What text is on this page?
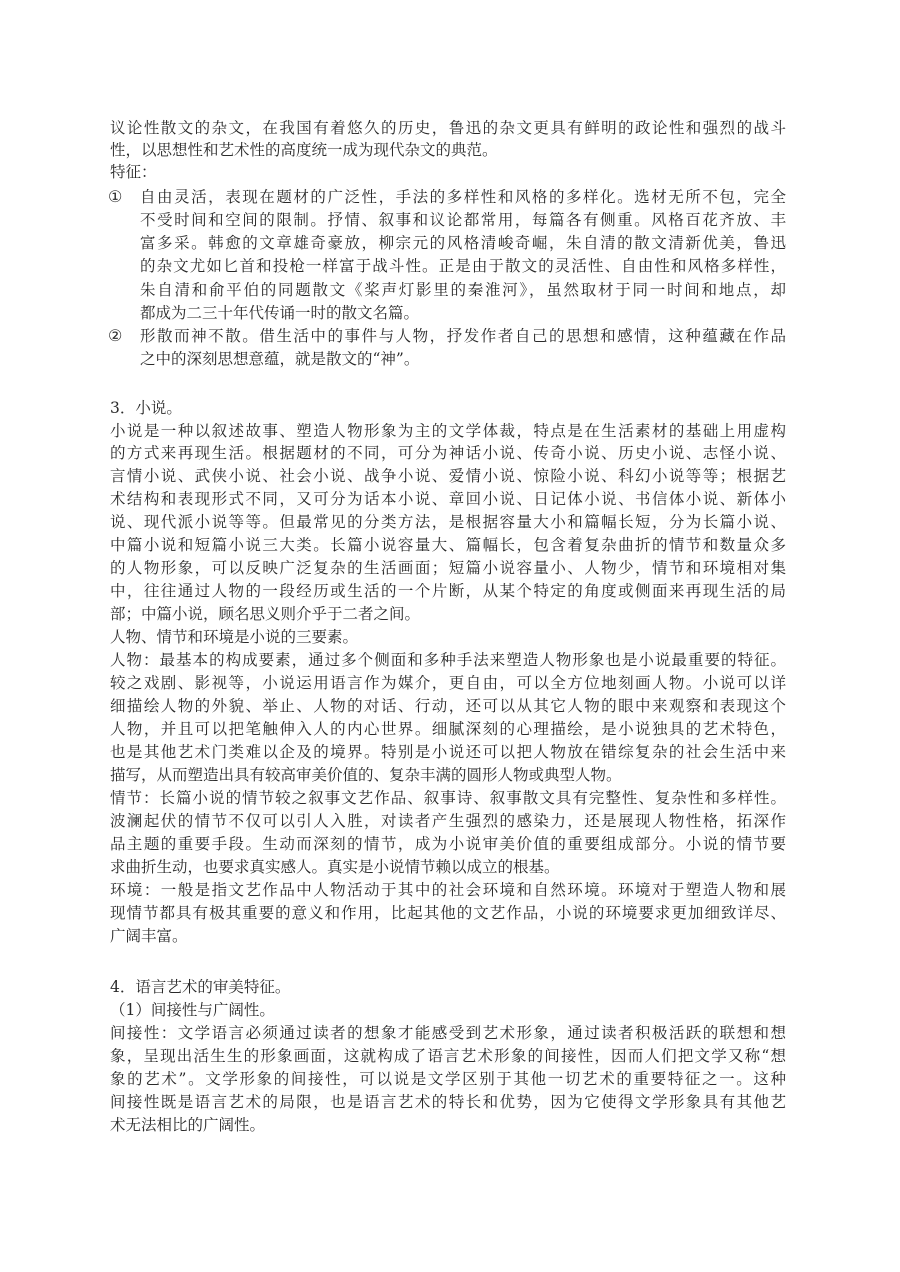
议论性散文的杂文，在我国有着悠久的历史，鲁迅的杂文更具有鲜明的政论性和强烈的战斗
性，以思想性和艺术性的高度统一成为现代杂文的典范。
特征：
自由灵活，表现在题材的广泛性，手法的多样性和风格的多样化。选材无所不包，完全
不受时间和空间的限制。抒情、叙事和议论都常用，每篇各有侧重。风格百花齐放、丰
富多采。韩愈的文章雄奇豪放，柳宗元的风格清峻奇崛，朱自清的散文清新优美，鲁迅
的杂文尤如匕首和投枪一样富于战斗性。正是由于散文的灵活性、自由性和风格多样性，
朱自清和俞平伯的同题散文《桨声灯影里的秦淮河》，虽然取材于同一时间和地点，却
都成为二三十年代传诵一时的散文名篇。
形散而神不散。借生活中的事件与人物，抒发作者自己的思想和感情，这种蕴藏在作品
之中的深刻思想意蕴，就是散文的“神”。
3．小说。
小说是一种以叙述故事、塑造人物形象为主的文学体裁，特点是在生活素材的基础上用虚构
的方式来再现生活。根据题材的不同，可分为神话小说、传奇小说、历史小说、志怪小说、
言情小说、武侠小说、社会小说、战争小说、爱情小说、惊险小说、科幻小说等等；根据艺
术结构和表现形式不同，又可分为话本小说、章回小说、日记体小说、书信体小说、新体小
说、现代派小说等等。但最常见的分类方法，是根据容量大小和篇幅长短，分为长篇小说、
中篇小说和短篇小说三大类。长篇小说容量大、篇幅长，包含着复杂曲折的情节和数量众多
的人物形象，可以反映广泛复杂的生活画面；短篇小说容量小、人物少，情节和环境相对集
中，往往通过人物的一段经历或生活的一个片断，从某个特定的角度或侧面来再现生活的局
部；中篇小说，顾名思义则介乎于二者之间。
人物、情节和环境是小说的三要素。
人物：最基本的构成要素，通过多个侧面和多种手法来塑造人物形象也是小说最重要的特征。
较之戏剧、影视等，小说运用语言作为媒介，更自由，可以全方位地刻画人物。小说可以详
细描绘人物的外貌、举止、人物的对话、行动，还可以从其它人物的眼中来观察和表现这个
人物，并且可以把笔触伸入人的内心世界。细腻深刻的心理描绘，是小说独具的艺术特色，
也是其他艺术门类难以企及的境界。特别是小说还可以把人物放在错综复杂的社会生活中来
描写，从而塑造出具有较高审美价值的、复杂丰满的圆形人物或典型人物。
情节：长篇小说的情节较之叙事文艺作品、叙事诗、叙事散文具有完整性、复杂性和多样性。
波澜起伏的情节不仅可以引人入胜，对读者产生强烈的感染力，还是展现人物性格，拓深作
品主题的重要手段。生动而深刻的情节，成为小说审美价值的重要组成部分。小说的情节要
求曲折生动，也要求真实感人。真实是小说情节赖以成立的根基。
环境：一般是指文艺作品中人物活动于其中的社会环境和自然环境。环境对于塑造人物和展
现情节都具有极其重要的意义和作用，比起其他的文艺作品，小说的环境要求更加细致详尽、
广阔丰富。
4．语言艺术的审美特征。
（1）间接性与广阔性。
间接性：文学语言必须通过读者的想象才能感受到艺术形象，通过读者积极活跃的联想和想
象，呈现出活生生的形象画面，这就构成了语言艺术形象的间接性，因而人们把文学又称“想
象的艺术”。文学形象的间接性，可以说是文学区别于其他一切艺术的重要特征之一。这种
间接性既是语言艺术的局限，也是语言艺术的特长和优势，因为它使得文学形象具有其他艺
术无法相比的广阔性。
①
②
